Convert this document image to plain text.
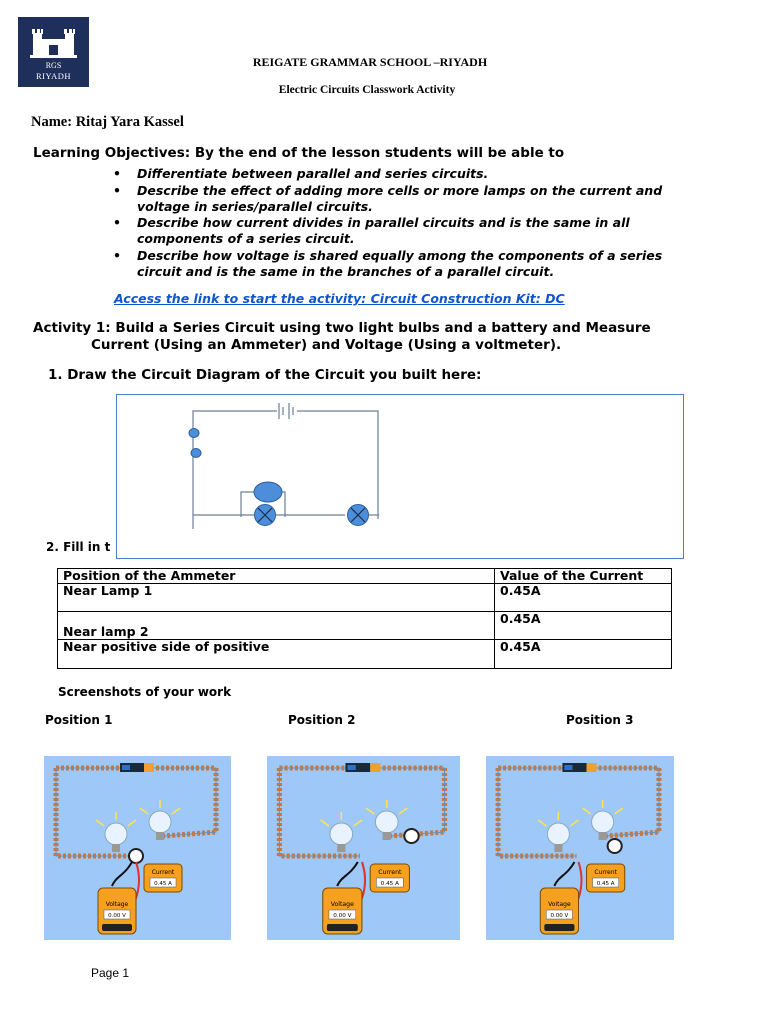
RGS
RIYADH
REIGATE GRAMMAR SCHOOL –RIYADH
Electric Circuits Classwork Activity
Name: Ritaj Yara Kassel
Learning Objectives: By the end of the lesson students will be able to
• Differentiate between parallel and series circuits.
• Describe the effect of adding more cells or more lamps on the current and voltage in series/parallel circuits.
• Describe how current divides in parallel circuits and is the same in all components of a series circuit.
• Describe how voltage is shared equally among the components of a series circuit and is the same in the branches of a parallel circuit.
Access the link to start the activity: Circuit Construction Kit: DC
Activity 1: Build a Series Circuit using two light bulbs and a battery and Measure
Current (Using an Ammeter) and Voltage (Using a voltmeter).
1. Draw the Circuit Diagram of the Circuit you built here:
2. Fill in t
Position of the Ammeter	Value of the Current
Near Lamp 1	0.45A
Near lamp 2	0.45A
Near positive side of positive	0.45A
Screenshots of your work
Position 1	Position 2	Position 3
Current
0.45 A
Voltage
0.00 V
Current
0.45 A
Voltage
0.00 V
Current
0.45 A
Voltage
0.00 V
Page 1
